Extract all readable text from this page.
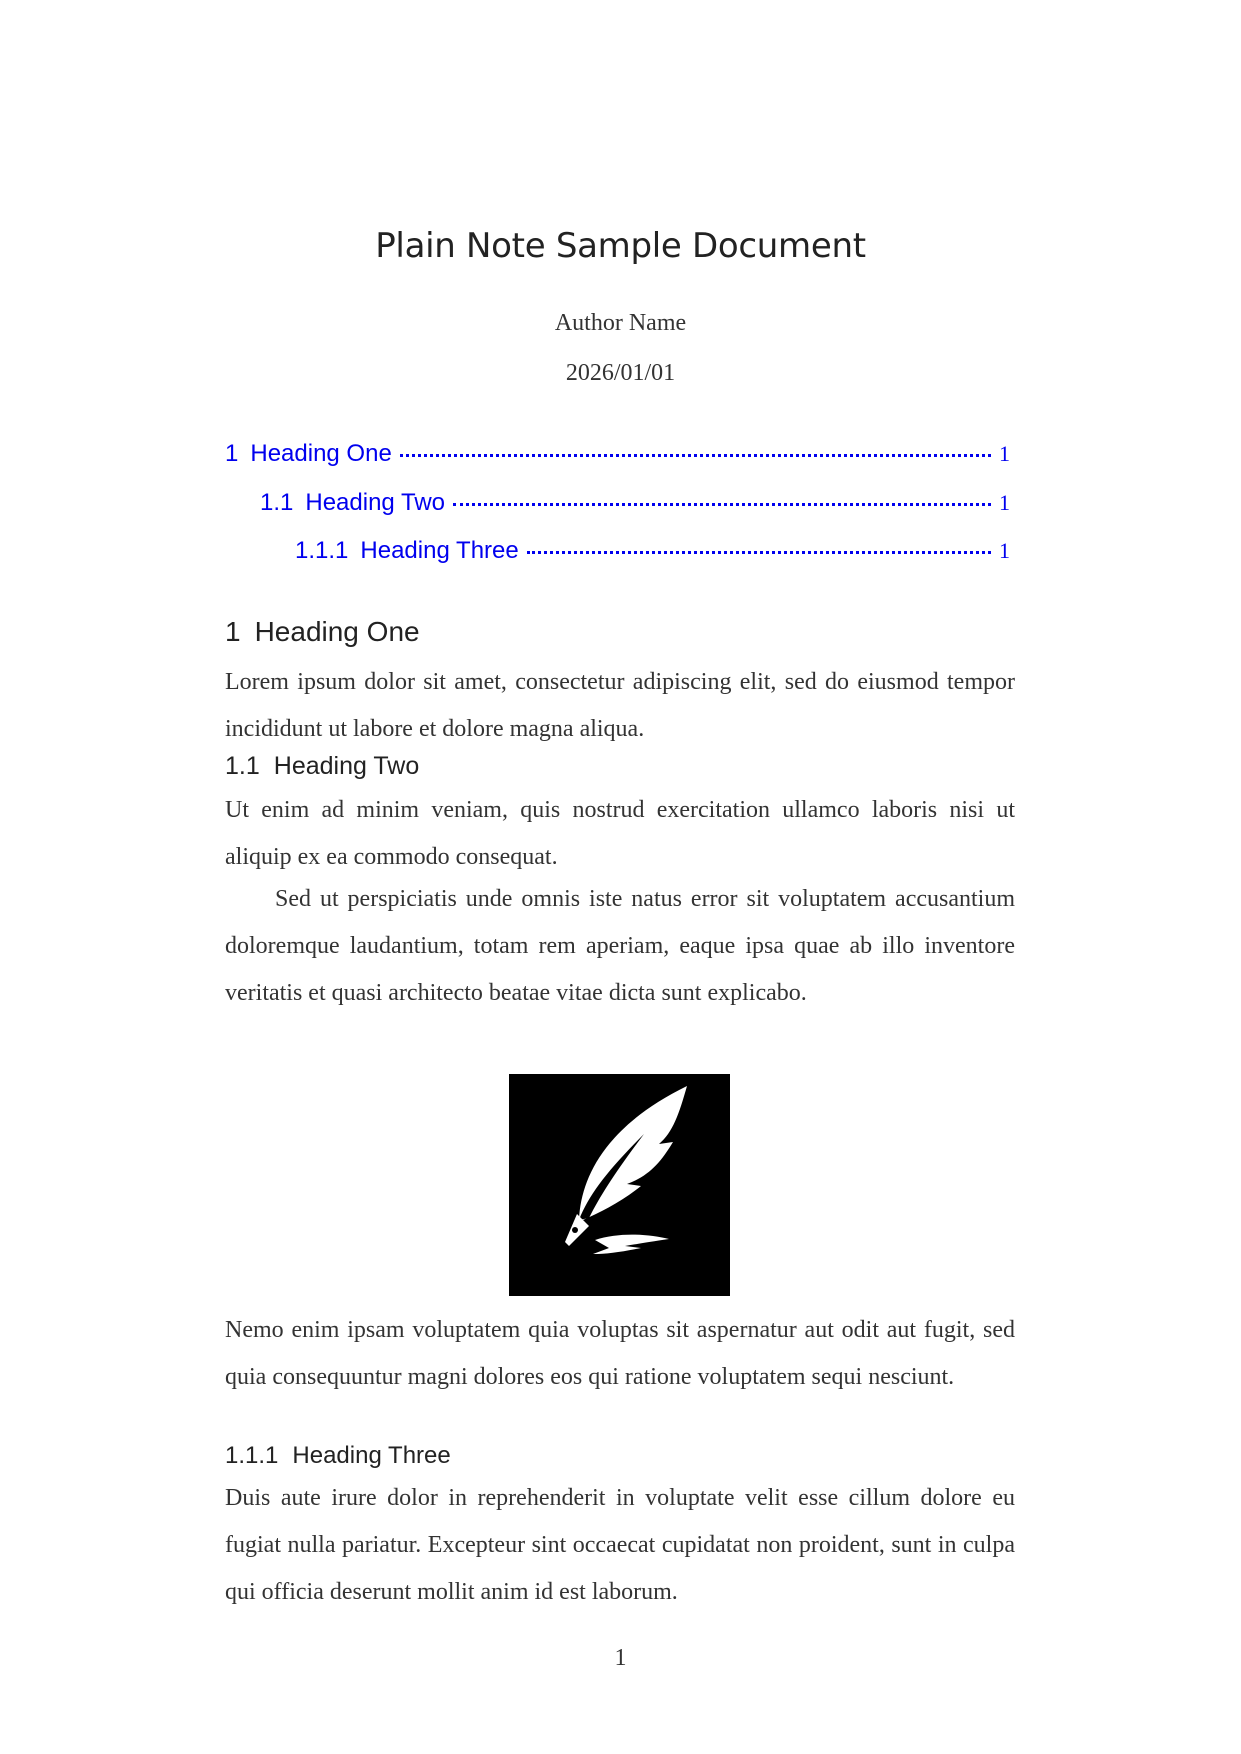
Plain Note Sample Document
Author Name
2026/01/01
1 Heading One	1
1.1 Heading Two	1
1.1.1 Heading Three	1
1 Heading One

Lorem ipsum dolor sit amet, consectetur adipiscing elit, sed do eiusmod tempor incididunt ut labore et dolore magna aliqua.

1.1 Heading Two

Ut enim ad minim veniam, quis nostrud exercitation ullamco laboris nisi ut aliquip ex ea commodo consequat.

Sed ut perspiciatis unde omnis iste natus error sit voluptatem accusantium doloremque laudantium, totam rem aperiam, eaque ipsa quae ab illo inventore veritatis et quasi architecto beatae vitae dicta sunt explicabo.

Nemo enim ipsam voluptatem quia voluptas sit aspernatur aut odit aut fugit, sed quia consequuntur magni dolores eos qui ratione voluptatem sequi nesciunt.

1.1.1 Heading Three

Duis aute irure dolor in reprehenderit in voluptate velit esse cillum dolore eu fugiat nulla pariatur. Excepteur sint occaecat cupidatat non proident, sunt in culpa qui officia deserunt mollit anim id est laborum.

1
